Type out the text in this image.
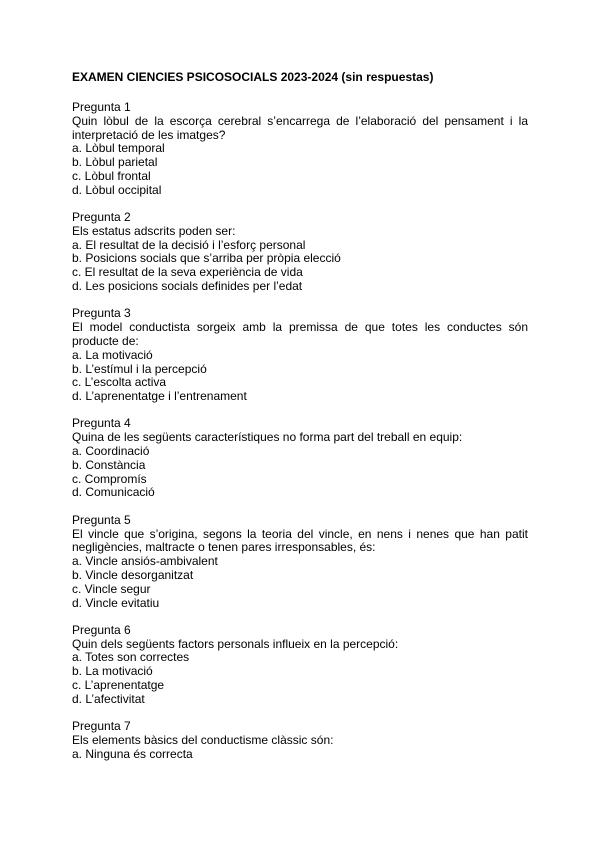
EXAMEN CIENCIES PSICOSOCIALS 2023-2024 (sin respuestas)
Pregunta 1
Quin lòbul de la escorça cerebral s’encarrega de l’elaboració del pensament i la interpretació de les imatges?
a. Lòbul temporal
b. Lòbul parietal
c. Lòbul frontal
d. Lòbul occipital
Pregunta 2
Els estatus adscrits poden ser:
a. El resultat de la decisió i l’esforç personal
b. Posicions socials que s’arriba per pròpia elecció
c. El resultat de la seva experiència de vida
d. Les posicions socials definides per l’edat
Pregunta 3
El model conductista sorgeix amb la premissa de que totes les conductes són producte de:
a. La motivació
b. L’estímul i la percepció
c. L’escolta activa
d. L’aprenentatge i l’entrenament
Pregunta 4
Quina de les següents característiques no forma part del treball en equip:
a. Coordinació
b. Constància
c. Compromís
d. Comunicació
Pregunta 5
El vincle que s’origina, segons la teoria del vincle, en nens i nenes que han patit negligències, maltracte o tenen pares irresponsables, és:
a. Vincle ansiós-ambivalent
b. Vincle desorganitzat
c. Vincle segur
d. Vincle evitatiu
Pregunta 6
Quin dels següents factors personals influeix en la percepció:
a. Totes son correctes
b. La motivació
c. L’aprenentatge
d. L’afectivitat
Pregunta 7
Els elements bàsics del conductisme clàssic són:
a. Ninguna és correcta
